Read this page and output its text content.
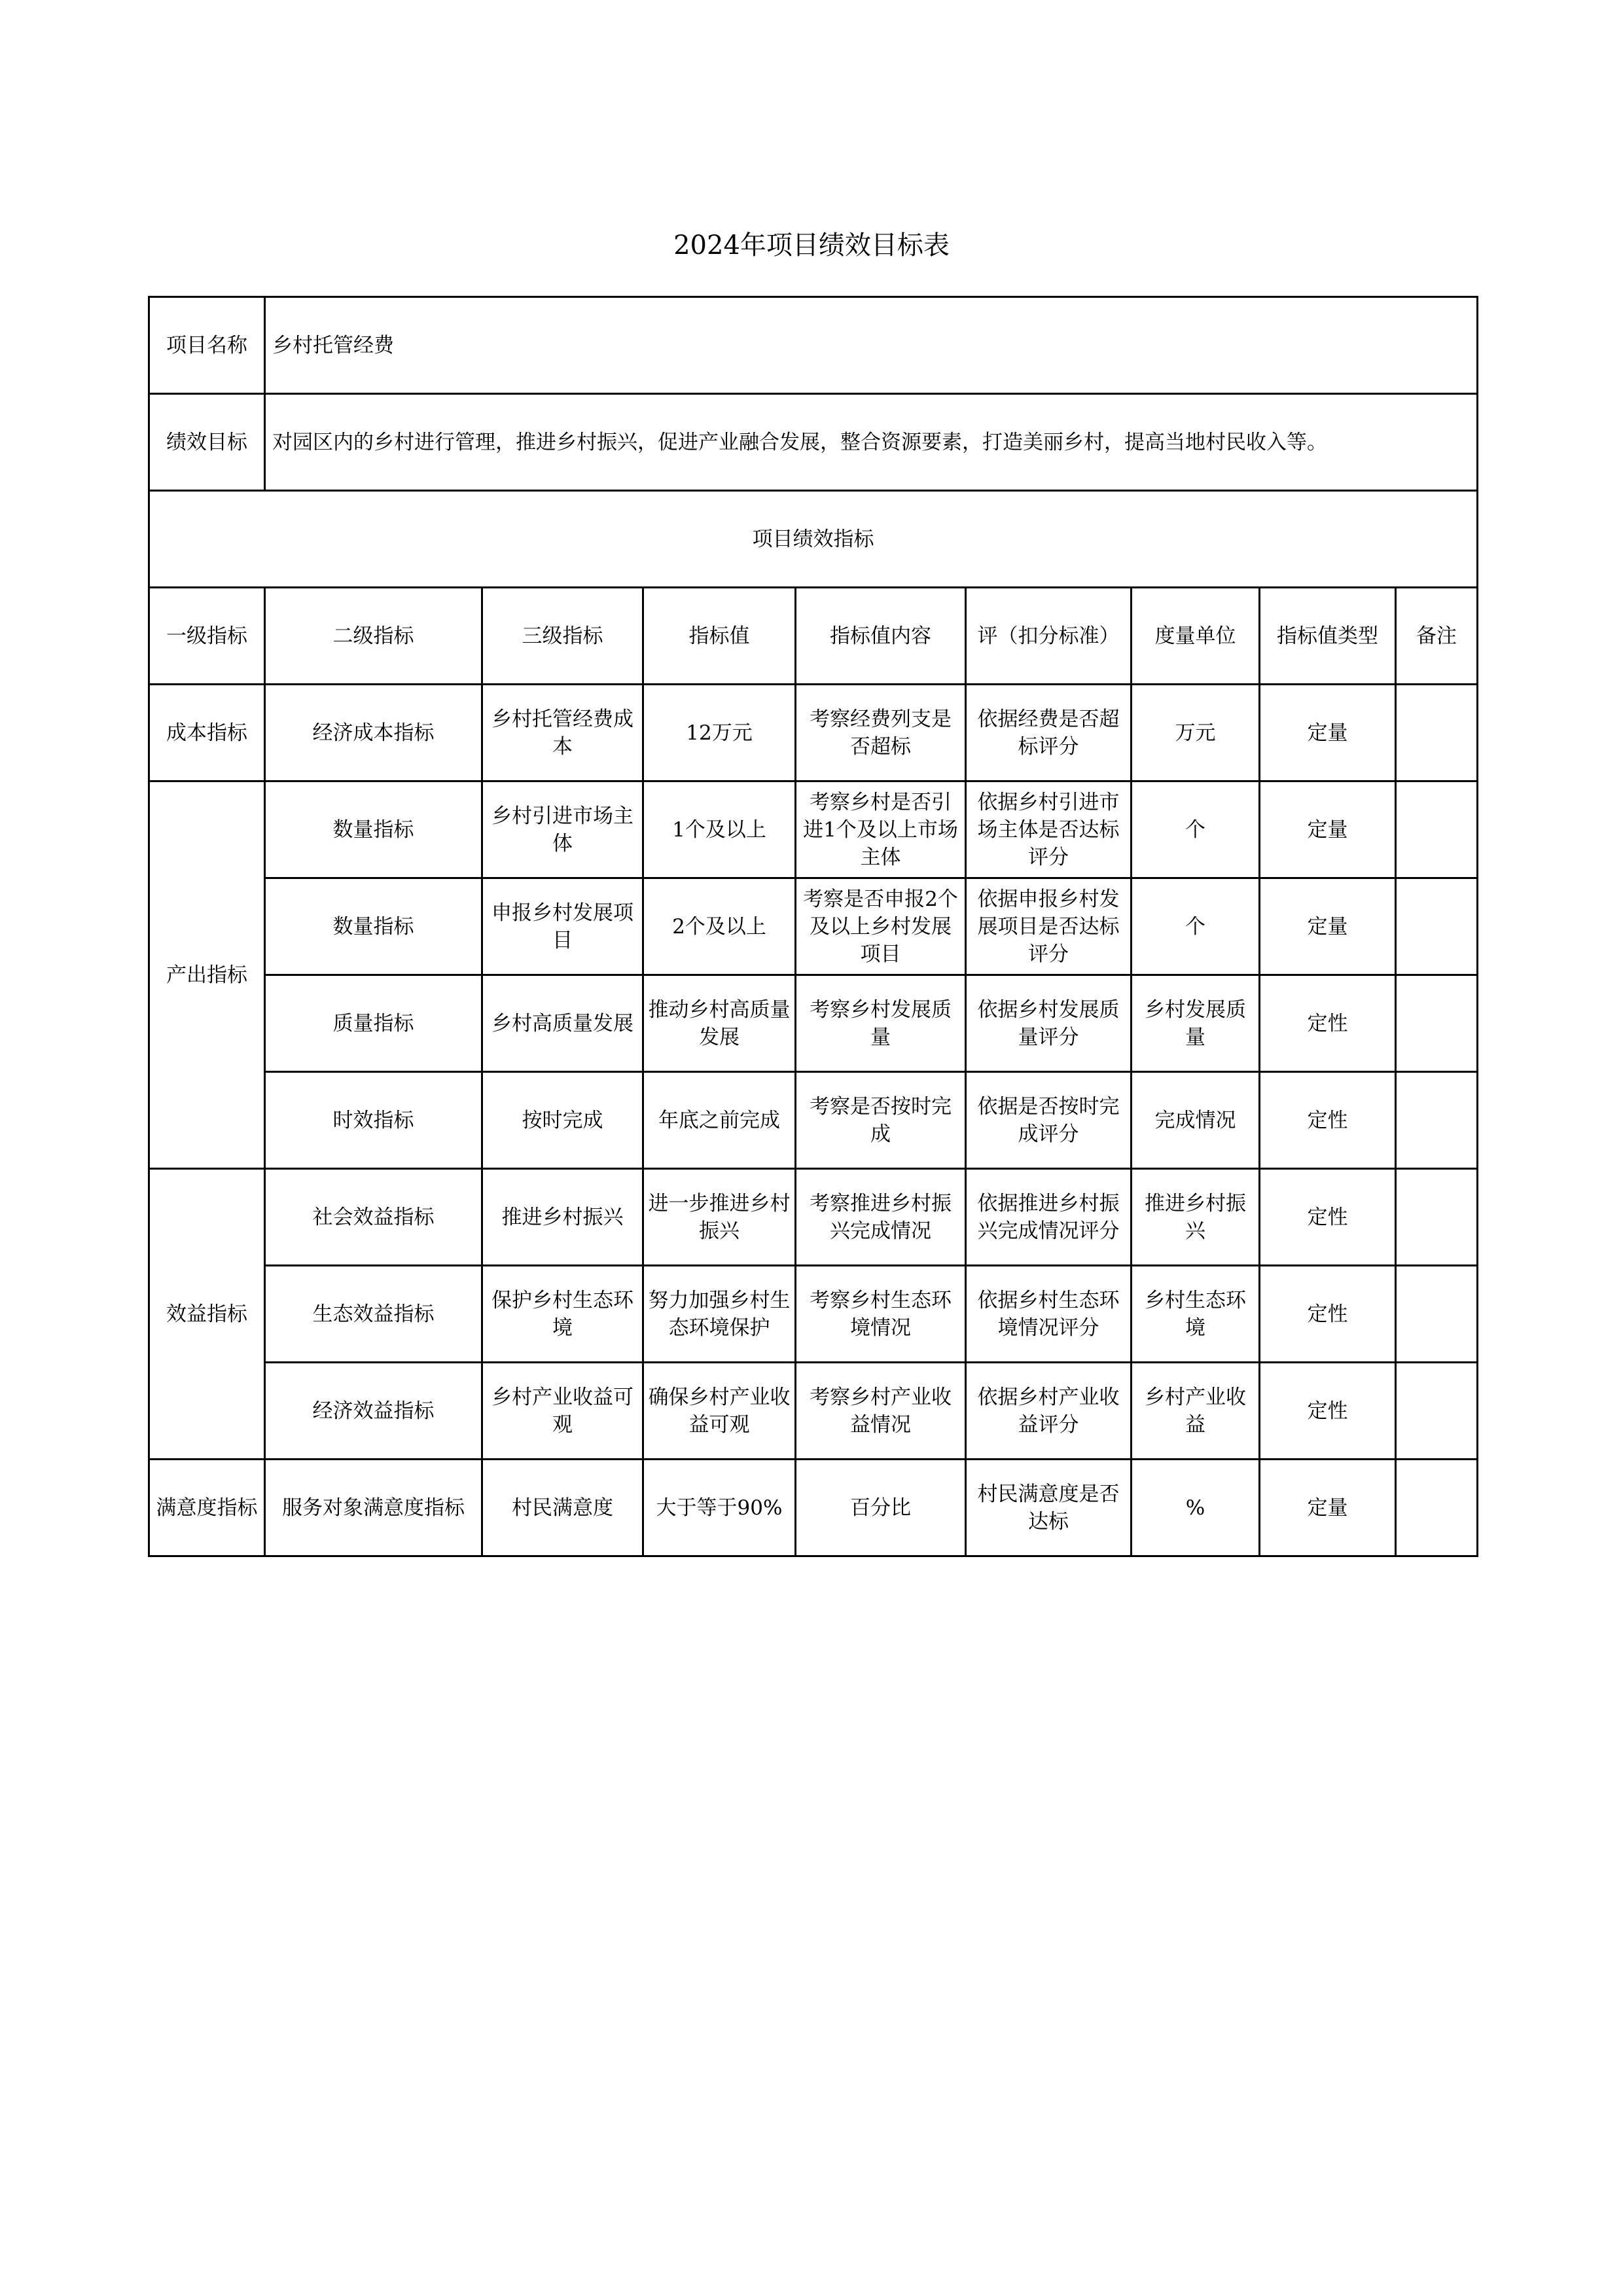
2024年项目绩效目标表
项目名称	乡村托管经费							
绩效目标	对园区内的乡村进行管理，推进乡村振兴，促进产业融合发展，整合资源要素，打造美丽乡村，提高当地村民收入等。							
项目绩效指标								
一级指标	二级指标	三级指标	指标值	指标值内容	评（扣分标准）	度量单位	指标值类型	备注
成本指标	经济成本指标	乡村托管经费成本	12万元	考察经费列支是否超标	依据经费是否超标评分	万元	定量	
产出指标	数量指标	乡村引进市场主体	1个及以上	考察乡村是否引进1个及以上市场主体	依据乡村引进市场主体是否达标评分	个	定量	
	数量指标	申报乡村发展项目	2个及以上	考察是否申报2个及以上乡村发展项目	依据申报乡村发展项目是否达标评分	个	定量	
	质量指标	乡村高质量发展	推动乡村高质量发展	考察乡村发展质量	依据乡村发展质量评分	乡村发展质量	定性	
	时效指标	按时完成	年底之前完成	考察是否按时完成	依据是否按时完成评分	完成情况	定性	
效益指标	社会效益指标	推进乡村振兴	进一步推进乡村振兴	考察推进乡村振兴完成情况	依据推进乡村振兴完成情况评分	推进乡村振兴	定性	
	生态效益指标	保护乡村生态环境	努力加强乡村生态环境保护	考察乡村生态环境情况	依据乡村生态环境情况评分	乡村生态环境	定性	
	经济效益指标	乡村产业收益可观	确保乡村产业收益可观	考察乡村产业收益情况	依据乡村产业收益评分	乡村产业收益	定性	
满意度指标	服务对象满意度指标	村民满意度	大于等于90%	百分比	村民满意度是否达标	%	定量	
